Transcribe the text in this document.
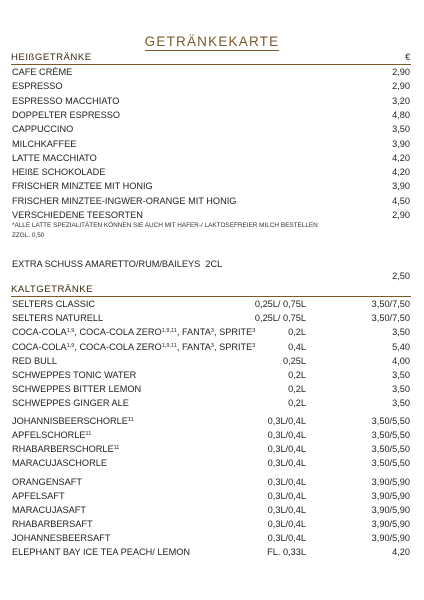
GETRÄNKEKARTE
HEIßGETRÄNKE	€
CAFE CRÈME	2,90
ESPRESSO	2,90
ESPRESSO MACCHIATO	3,20
DOPPELTER ESPRESSO	4,80
CAPPUCCINO	3,50
MILCHKAFFEE	3,90
LATTE MACCHIATO	4,20
HEIßE SCHOKOLADE	4,20
FRISCHER MINZTEE MIT HONIG	3,90
FRISCHER MINZTEE-INGWER-ORANGE MIT HONIG	4,50
VERSCHIEDENE TEESORTEN	2,90
*ALLE LATTE SPEZIALITÄTEN KÖNNEN SIE AUCH MIT HAFER-/ LAKTOSEFREIER MILCH BESTELLEN
ZZGL. 0,50
EXTRA SCHUSS AMARETTO/RUM/BAILEYS 2CL
2,50
KALTGETRÄNKE
SELTERS CLASSIC	0,25L/ 0,75L	3,50/7,50
SELTERS NATURELL	0,25L/ 0,75L	3,50/7,50
COCA-COLA$^{1,9}$, COCA-COLA ZERO$^{1,9,11}$, FANTA$^3$, SPRITE$^3$	0,2L	3,50
COCA-COLA$^{1,9}$, COCA-COLA ZERO$^{1,9,11}$, FANTA$^3$, SPRITE$^3$	0,4L	5,40
RED BULL	0,25L	4,00
SCHWEPPES TONIC WATER	0,2L	3,50
SCHWEPPES BITTER LEMON	0,2L	3,50
SCHWEPPES GINGER ALE	0,2L	3,50
JOHANNISBEERSCHORLE$^{11}$	0,3L/0,4L	3,50/5,50
APFELSCHORLE$^{11}$	0,3L/0,4L	3,50/5,50
RHABARBERSCHORLE$^{11}$	0,3L/0,4L	3,50/5,50
MARACUJASCHORLE	0,3L/0,4L	3,50/5,50
ORANGENSAFT	0,3L/0,4L	3,90/5,90
APFELSAFT	0,3L/0,4L	3,90/5,90
MARACUJASAFT	0,3L/0,4L	3,90/5,90
RHABARBERSAFT	0,3L/0,4L	3,90/5,90
JOHANNESBEERSAFT	0,3L/0,4L	3,90/5,90
ELEPHANT BAY ICE TEA PEACH/ LEMON	FL. 0,33L	4,20
